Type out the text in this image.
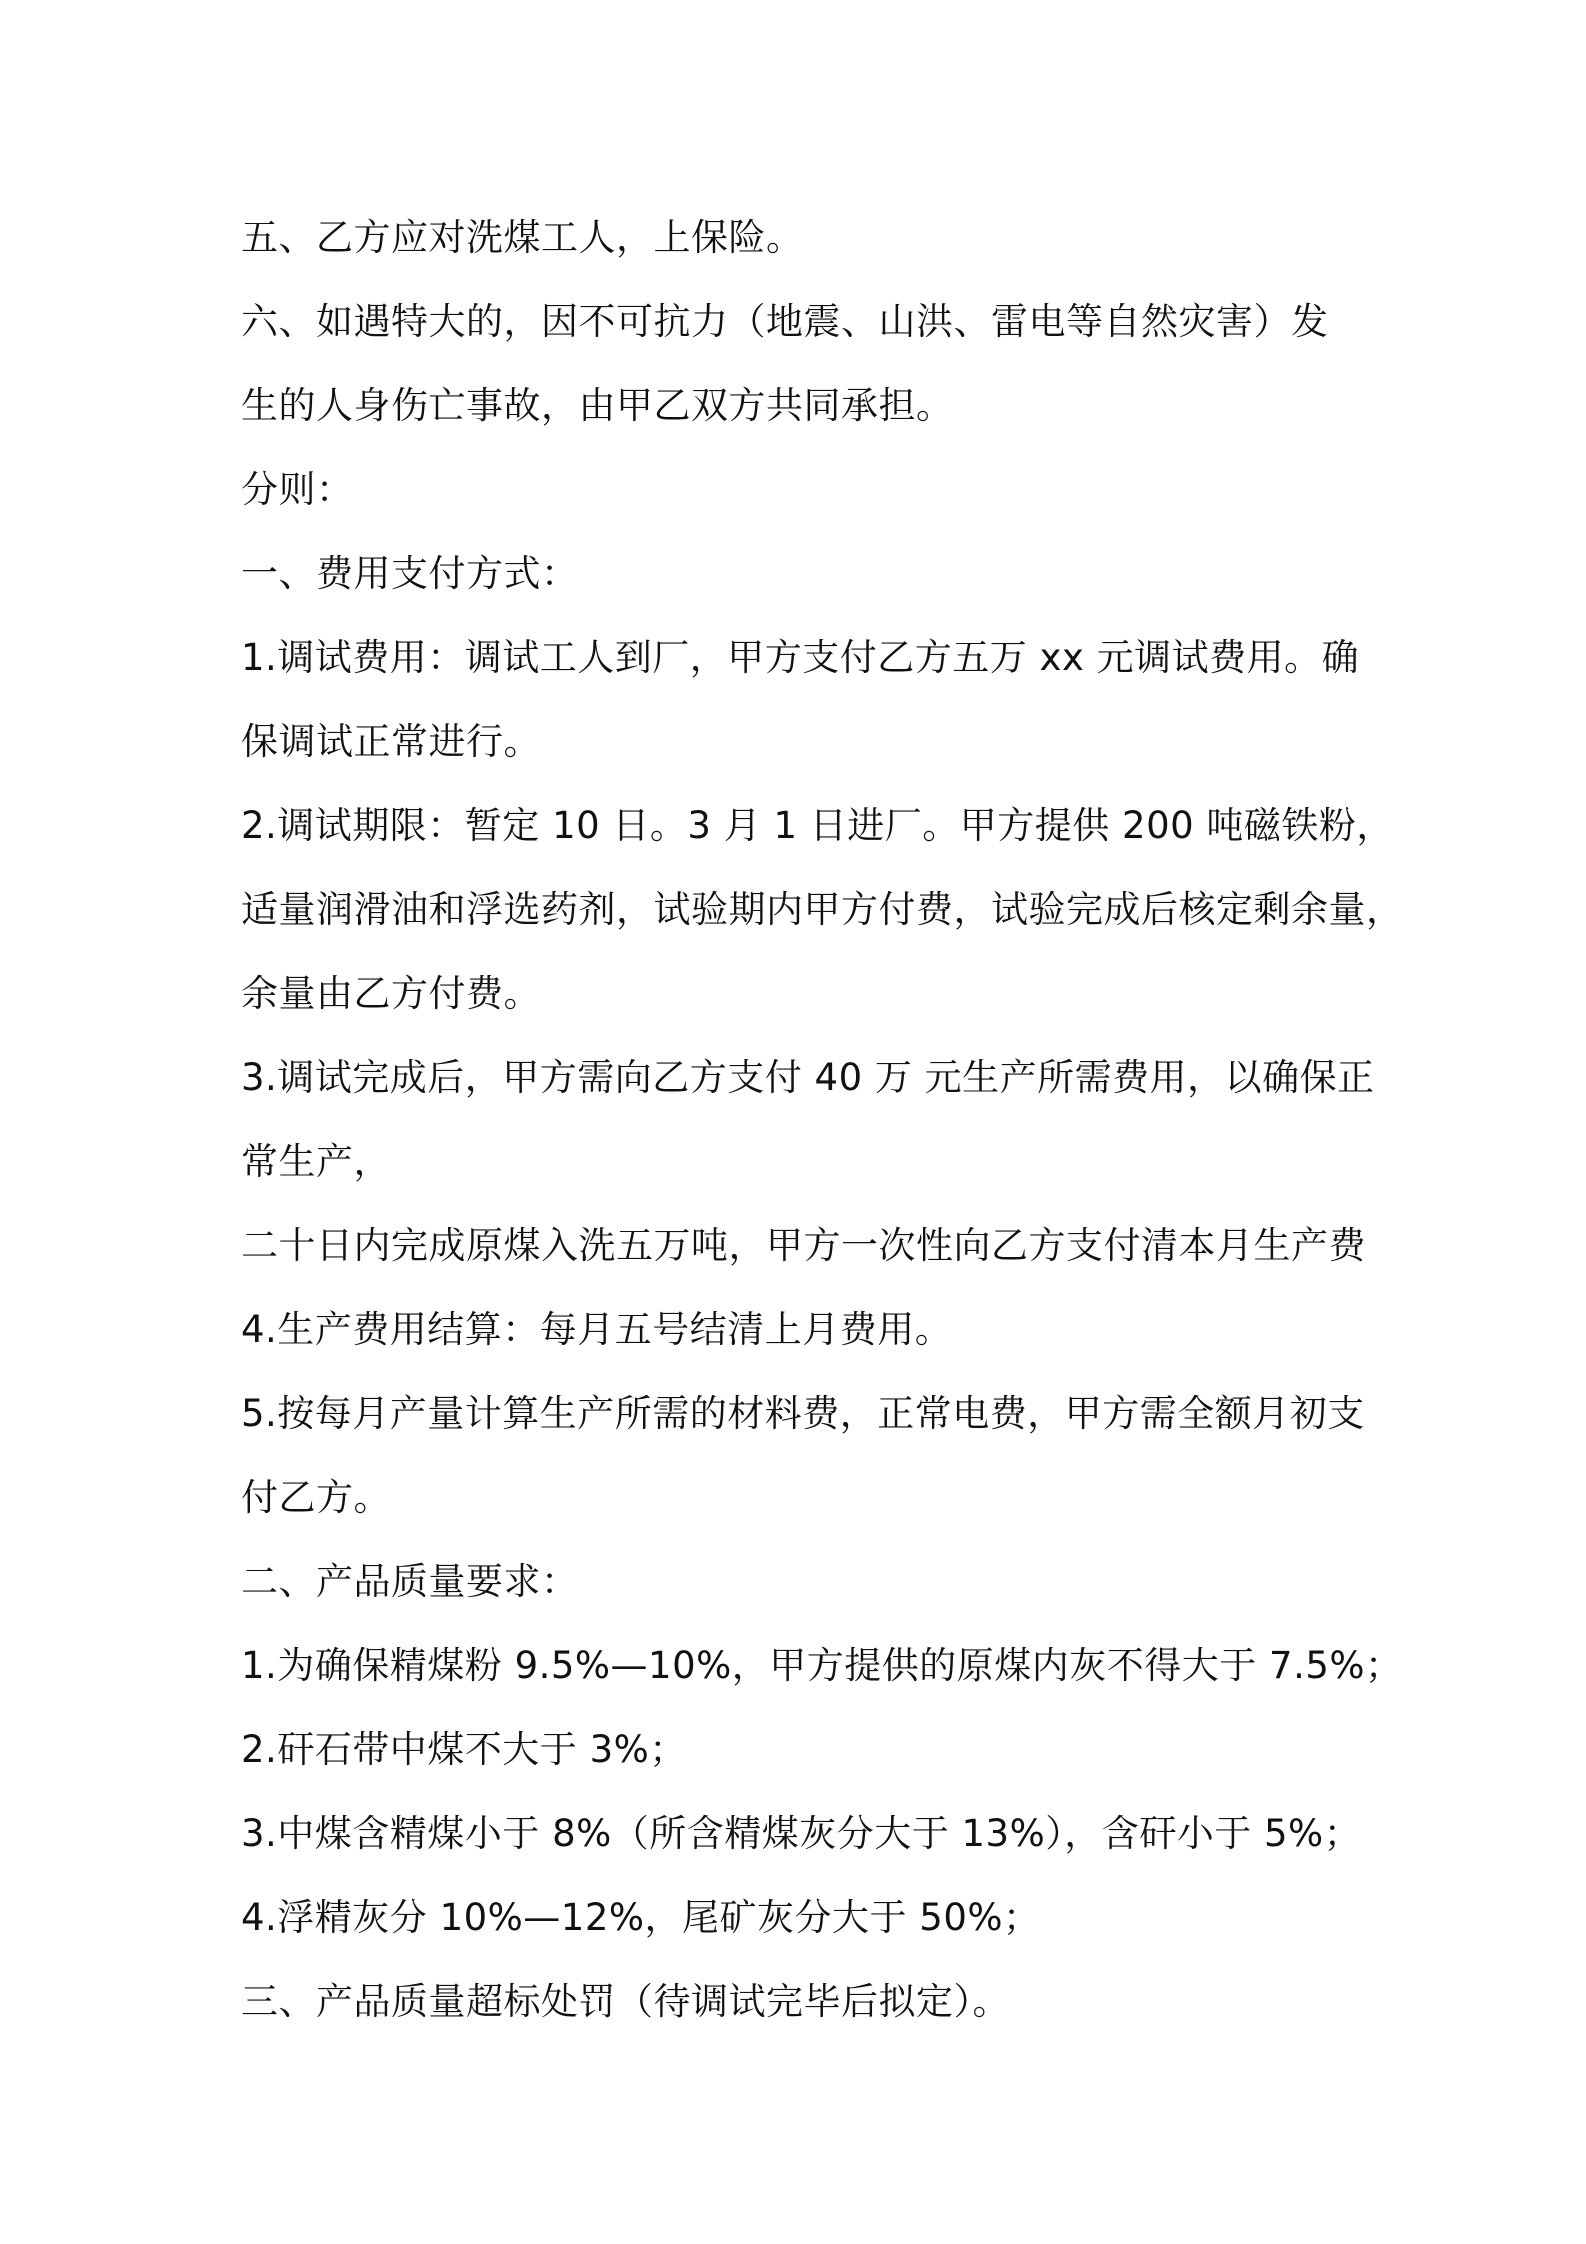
五、乙方应对洗煤工人，上保险。
六、如遇特大的，因不可抗力（地震、山洪、雷电等自然灾害）发
生的人身伤亡事故，由甲乙双方共同承担。
分则：
一、费用支付方式：
1.调试费用：调试工人到厂，甲方支付乙方五万 xx 元调试费用。确
保调试正常进行。
2.调试期限：暂定 10 日。3 月 1 日进厂。甲方提供 200 吨磁铁粉，
适量润滑油和浮选药剂，试验期内甲方付费，试验完成后核定剩余量，
余量由乙方付费。
3.调试完成后，甲方需向乙方支付 40 万 元生产所需费用，以确保正
常生产，
二十日内完成原煤入洗五万吨，甲方一次性向乙方支付清本月生产费
4.生产费用结算：每月五号结清上月费用。
5.按每月产量计算生产所需的材料费，正常电费，甲方需全额月初支
付乙方。
二、产品质量要求：
1.为确保精煤粉 9.5%—10%，甲方提供的原煤内灰不得大于 7.5%；
2.矸石带中煤不大于 3%；
3.中煤含精煤小于 8%（所含精煤灰分大于 13%），含矸小于 5%；
4.浮精灰分 10%—12%，尾矿灰分大于 50%；
三、产品质量超标处罚（待调试完毕后拟定）。
